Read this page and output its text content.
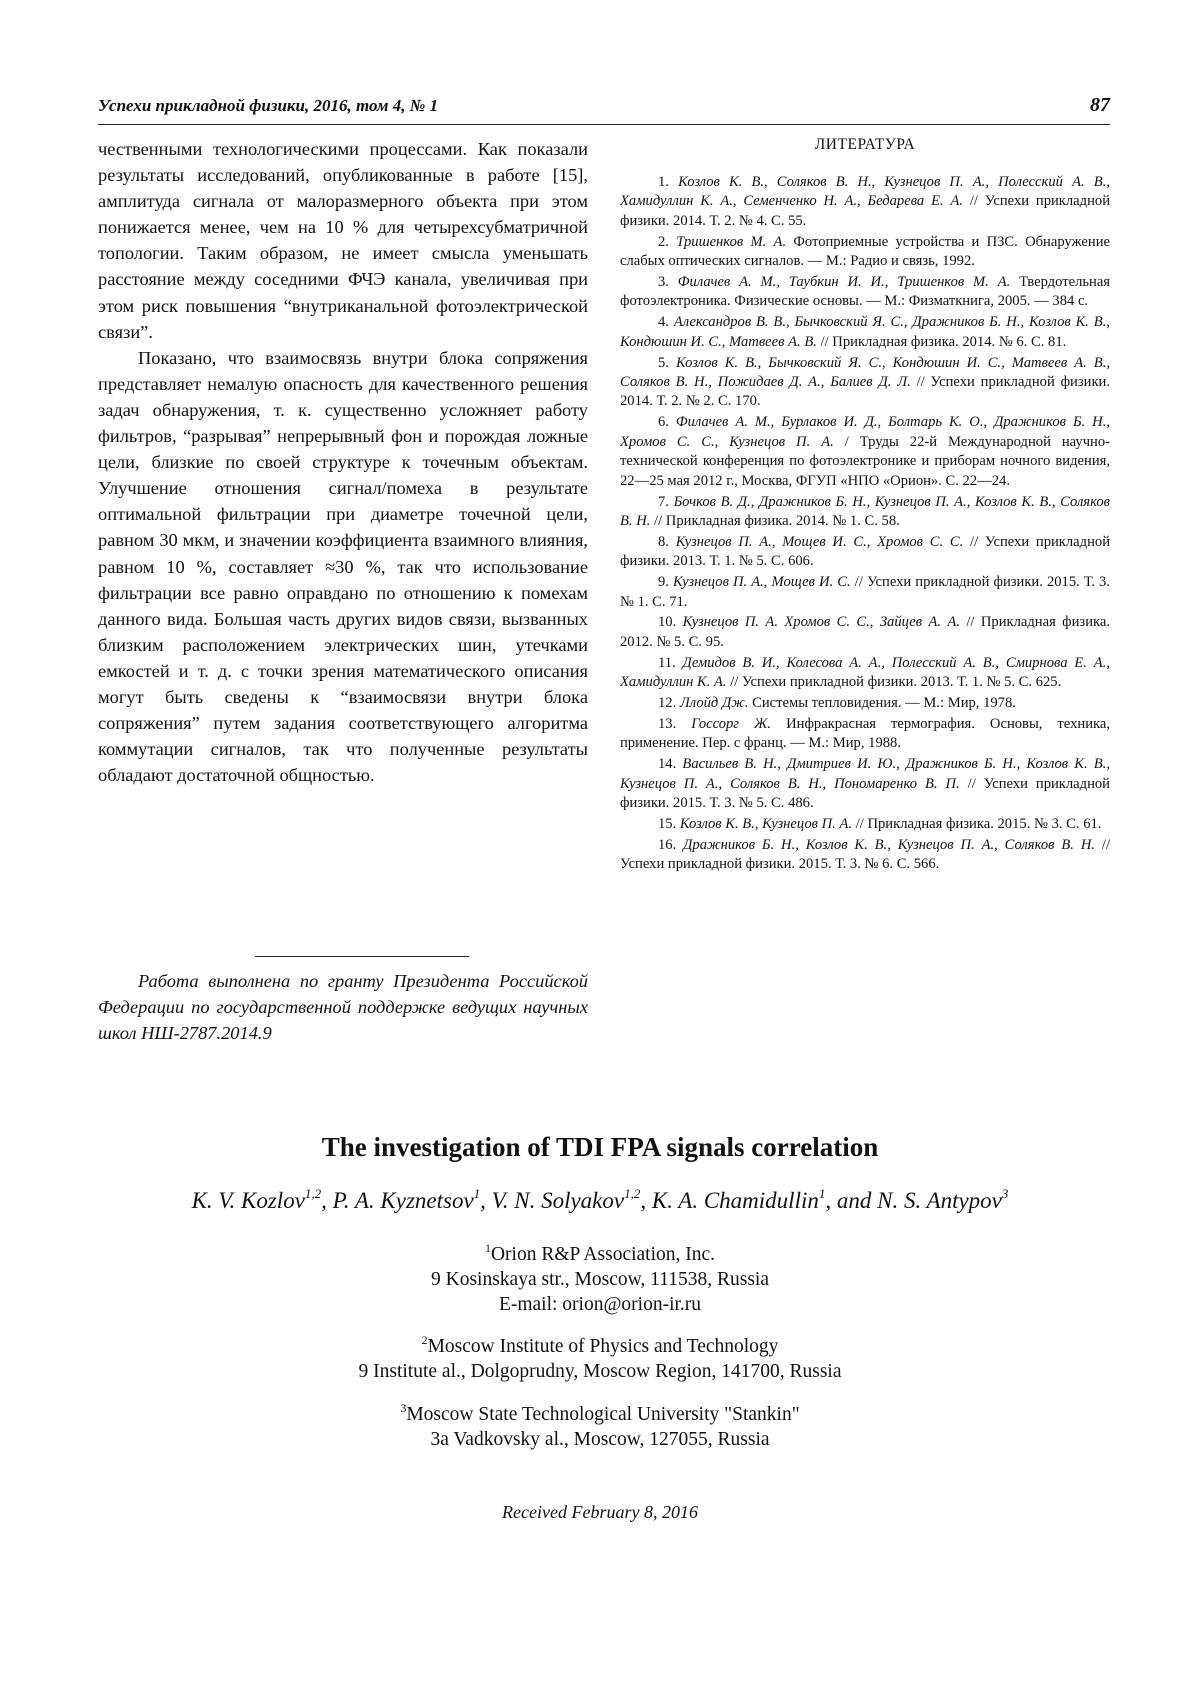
Успехи прикладной физики, 2016, том 4, № 1	87

чественными технологическими процессами. Как показали результаты исследований, опубликованные в работе [15], амплитуда сигнала от малоразмерного объекта при этом понижается менее, чем на 10 % для четырехсубматричной топологии. Таким образом, не имеет смысла уменьшать расстояние между соседними ФЧЭ канала, увеличивая при этом риск повышения “внутриканальной фотоэлектрической связи”.

Показано, что взаимосвязь внутри блока сопряжения представляет немалую опасность для качественного решения задач обнаружения, т. к. существенно усложняет работу фильтров, “разрывая” непрерывный фон и порождая ложные цели, близкие по своей структуре к точечным объектам. Улучшение отношения сигнал/помеха в результате оптимальной фильтрации при диаметре точечной цели, равном 30 мкм, и значении коэффициента взаимного влияния, равном 10 %, составляет ≈30 %, так что использование фильтрации все равно оправдано по отношению к помехам данного вида. Большая часть других видов связи, вызванных близким расположением электрических шин, утечками емкостей и т. д. с точки зрения математического описания могут быть сведены к “взаимосвязи внутри блока сопряжения” путем задания соответствующего алгоритма коммутации сигналов, так что полученные результаты обладают достаточной общностью.

Работа выполнена по гранту Президента Российской Федерации по государственной поддержке ведущих научных школ НШ-2787.2014.9
ЛИТЕРАТУРА
1. Козлов К. В., Соляков В. Н., Кузнецов П. А., Полесский А. В., Хамидуллин К. А., Семенченко Н. А., Бедарева Е. А. // Успехи прикладной физики. 2014. Т. 2. № 4. С. 55.
2. Тришенков М. А. Фотоприемные устройства и ПЗС. Обнаружение слабых оптических сигналов. — М.: Радио и связь, 1992.
3. Филачев А. М., Таубкин И. И., Тришенков М. А. Твердотельная фотоэлектроника. Физические основы. — М.: Физматкнига, 2005. — 384 с.
4. Александров В. В., Бычковский Я. С., Дражников Б. Н., Козлов К. В., Кондюшин И. С., Матвеев А. В. // Прикладная физика. 2014. № 6. С. 81.
5. Козлов К. В., Бычковский Я. С., Кондюшин И. С., Матвеев А. В., Соляков В. Н., Пожидаев Д. А., Балиев Д. Л. // Успехи прикладной физики. 2014. Т. 2. № 2. С. 170.
6. Филачев А. М., Бурлаков И. Д., Болтарь К. О., Дражников Б. Н., Хромов С. С., Кузнецов П. А. / Труды 22-й Международной научно-технической конференция по фотоэлектронике и приборам ночного видения, 22—25 мая 2012 г., Москва, ФГУП «НПО «Орион». С. 22—24.
7. Бочков В. Д., Дражников Б. Н., Кузнецов П. А., Козлов К. В., Соляков В. Н. // Прикладная физика. 2014. № 1. С. 58.
8. Кузнецов П. А., Мощев И. С., Хромов С. С. // Успехи прикладной физики. 2013. Т. 1. № 5. С. 606.
9. Кузнецов П. А., Мощев И. С. // Успехи прикладной физики. 2015. Т. 3. № 1. С. 71.
10. Кузнецов П. А. Хромов С. С., Зайцев А. А. // Прикладная физика. 2012. № 5. С. 95.
11. Демидов В. И., Колесова А. А., Полесский А. В., Смирнова Е. А., Хамидуллин К. А. // Успехи прикладной физики. 2013. Т. 1. № 5. С. 625.
12. Ллойд Дж. Системы тепловидения. — М.: Мир, 1978.
13. Госсорг Ж. Инфракрасная термография. Основы, техника, применение. Пер. с франц. — М.: Мир, 1988.
14. Васильев В. Н., Дмитриев И. Ю., Дражников Б. Н., Козлов К. В., Кузнецов П. А., Соляков В. Н., Пономаренко В. П. // Успехи прикладной физики. 2015. Т. 3. № 5. С. 486.
15. Козлов К. В., Кузнецов П. А. // Прикладная физика. 2015. № 3. С. 61.
16. Дражников Б. Н., Козлов К. В., Кузнецов П. А., Соляков В. Н. // Успехи прикладной физики. 2015. Т. 3. № 6. С. 566.
The investigation of TDI FPA signals correlation
K. V. Kozlov$^{1,2}$, P. A. Kyznetsov$^1$, V. N. Solyakov$^{1,2}$, K. A. Chamidullin$^1$, and N. S. Antypov$^3$
$^1$Orion R&P Association, Inc.
9 Kosinskaya str., Moscow, 111538, Russia
E-mail: orion@orion-ir.ru
$^2$Moscow Institute of Physics and Technology
9 Institute al., Dolgoprudny, Moscow Region, 141700, Russia
$^3$Moscow State Technological University "Stankin"
3a Vadkovsky al., Moscow, 127055, Russia
Received February 8, 2016
